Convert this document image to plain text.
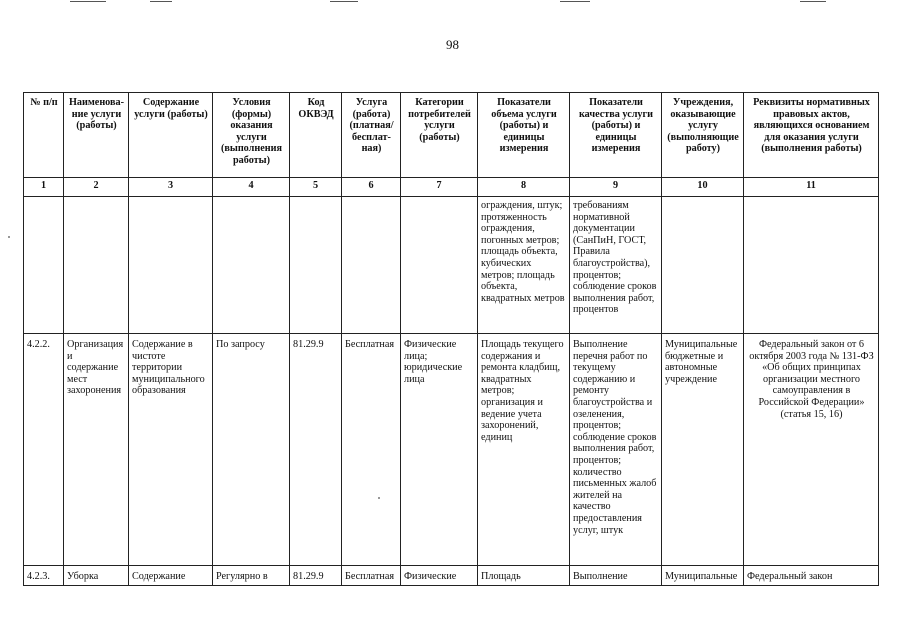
98
№ п/п	Наименова-ние услуги (работы)	Содержание услуги (работы)	Условия (формы) оказания услуги (выполнения работы)	Код ОКВЭД	Услуга (работа) (платная/ бесплат-ная)	Категории потребителей услуги (работы)	Показатели объема услуги (работы) и единицы измерения	Показатели качества услуги (работы) и единицы измерения	Учреждения, оказывающие услугу (выполняющие работу)	Реквизиты нормативных правовых актов, являющихся основанием для оказания услуги (выполнения работы)
1	2	3	4	5	6	7	8	9	10	11
							ограждения, штук; протяженность ограждения, погонных метров; площадь объекта, кубических метров; площадь объекта, квадратных метров	требованиям нормативной документации (СанПиН, ГОСТ, Правила благоустройства), процентов; соблюдение сроков выполнения работ, процентов		
4.2.2.	Организация и содержание мест захоронения	Содержание в чистоте территории муниципального образования	По запросу	81.29.9	Бесплатная	Физические лица; юридические лица	Площадь текущего содержания и ремонта кладбищ, квадратных метров; организация и ведение учета захоронений, единиц	Выполнение перечня работ по текущему содержанию и ремонту благоустройства и озеленения, процентов; соблюдение сроков выполнения работ, процентов; количество письменных жалоб жителей на качество предоставления услуг, штук	Муниципальные бюджетные и автономные учреждение	Федеральный закон от 6 октября 2003 года № 131-ФЗ «Об общих принципах организации местного самоуправления в Российской Федерации» (статья 15, 16)
4.2.3.	Уборка	Содержание	Регулярно в	81.29.9	Бесплатная	Физические	Площадь	Выполнение	Муниципальные	Федеральный закон
